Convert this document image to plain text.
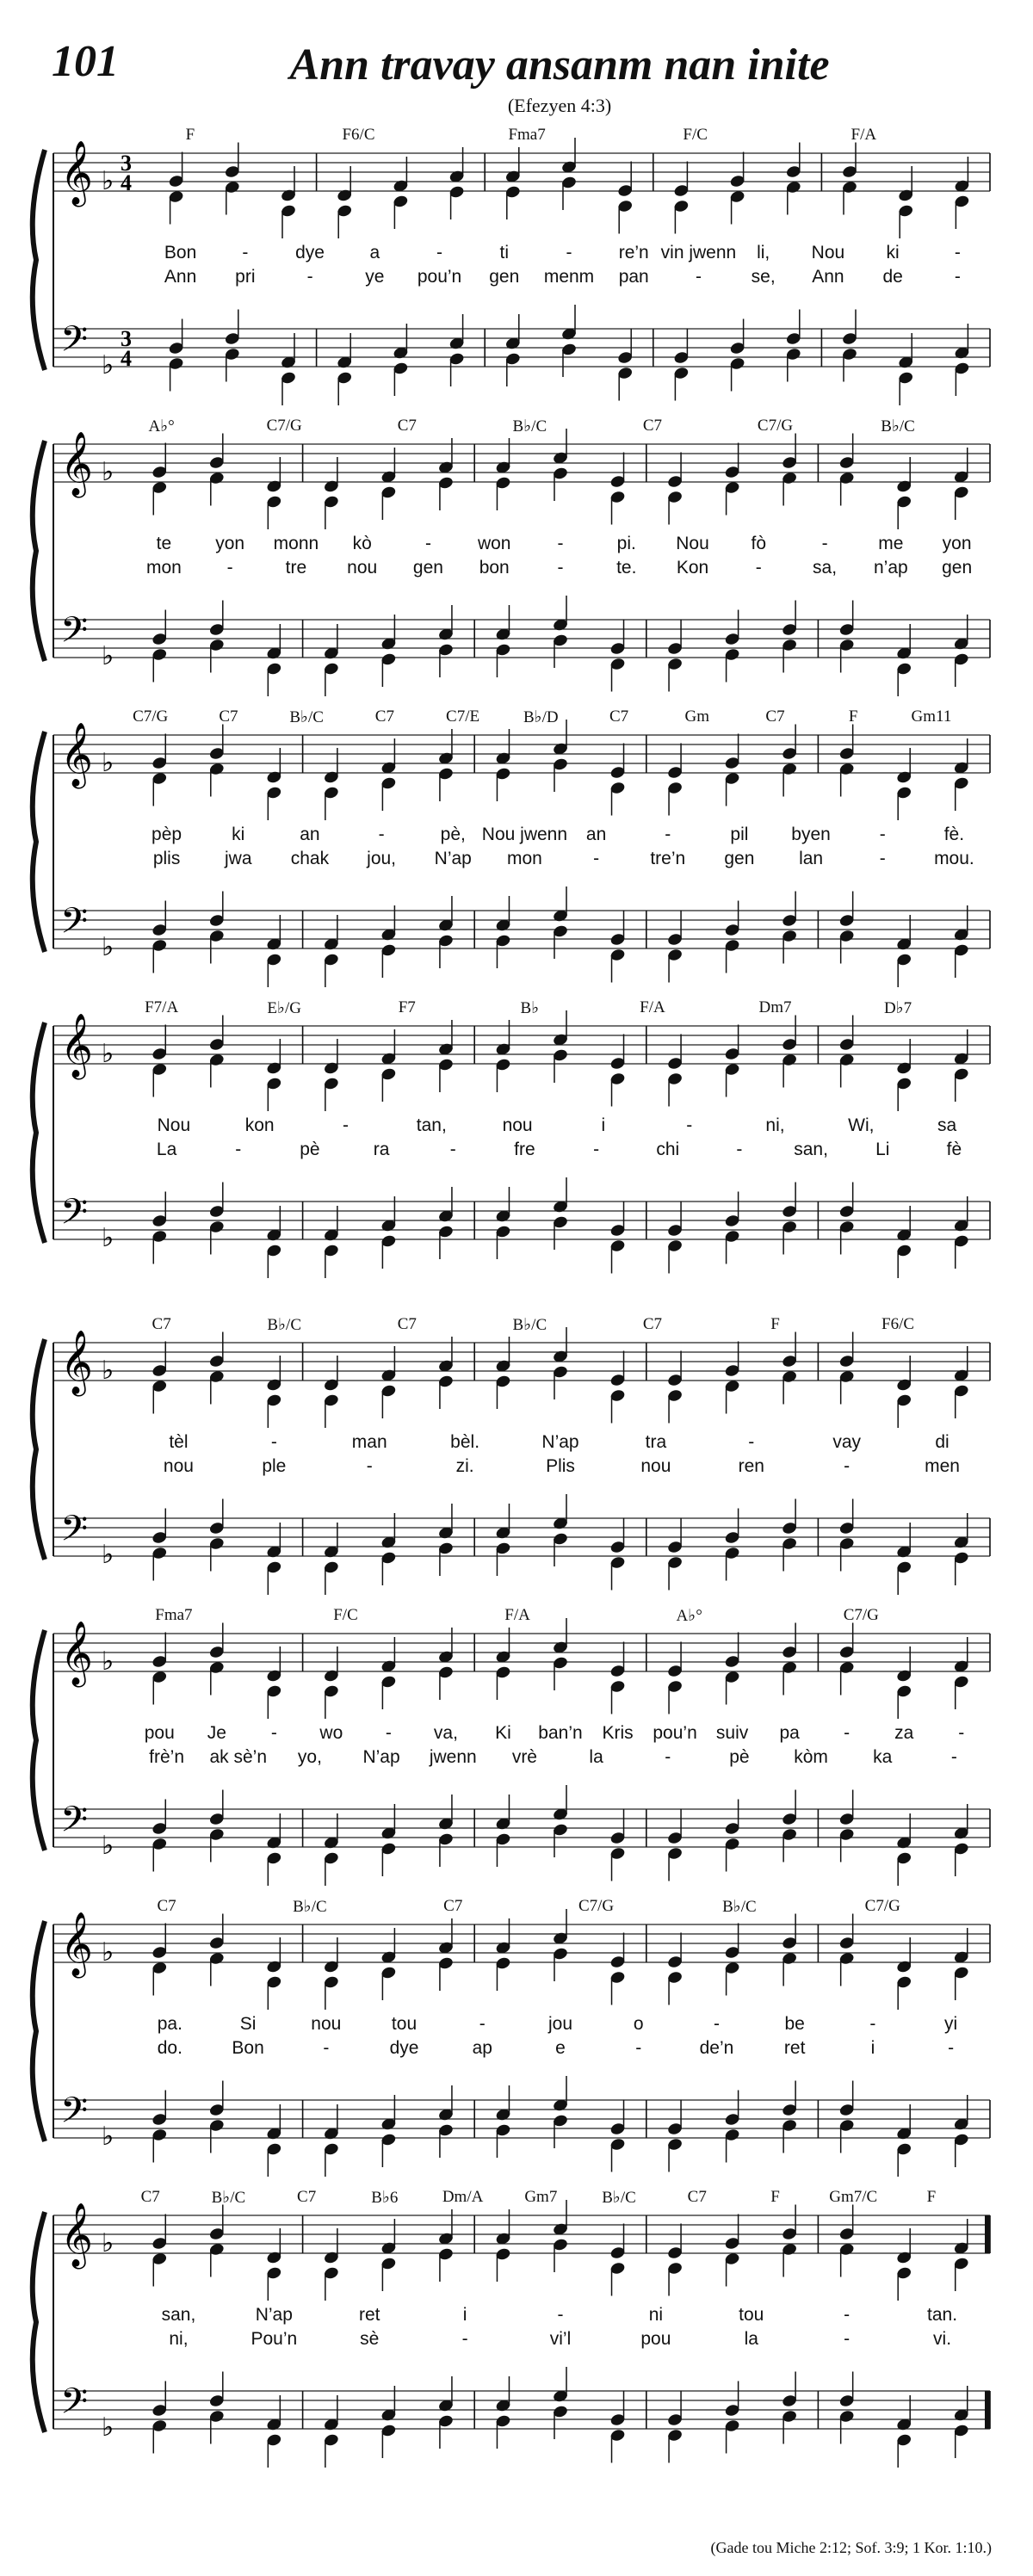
101	Ann travay ansanm nan inite
(Efezyen 4:3)
𝄞
𝄢
♭
♭
3
4
3
4
F	F6/C	Fma7	F/C	F/A
Bon	-	dye a	-	ti	-	re’n vin jwenn li, Nou ki	-
Ann pri	-	ye pou’n gen menm pan	-	se, Ann de	-
𝄞
𝄢
♭
♭
A♭°	C7/G	C7	B♭/C	C7	C7/G	B♭/C
te yon monn kò	-	won	-	pi. Nou fò	-	me yon
mon	-	tre nou gen bon	-	te. Kon	-	sa, n’ap gen
𝄞
𝄢
♭
♭
C7/G	C7	B♭/C	C7	C7/E	B♭/D	C7	Gm	C7	F	Gm11
pèp	ki	an	-	pè, Nou jwenn an	-	pil byen	-	fè.
plis jwa chak jou, N’ap mon	-	tre’n gen lan	-	mou.
𝄞
𝄢
♭
♭
F7/A	E♭/G	F7	B♭	F/A	Dm7	D♭7
Nou	kon	-	tan,	nou	i	-	ni,	Wi,	sa
La	-	pè	ra	-	fre	-	chi	-	san,	Li	fè
𝄞
𝄢
♭
♭
C7	B♭/C	C7	B♭/C	C7	F	F6/C
tèl	-	man	bèl.	N’ap	tra	-	vay	di
nou	ple	-	zi.	Plis	nou	ren	-	men
𝄞
𝄢
♭
♭
Fma7	F/C	F/A	A♭°	C7/G
pou Je - wo - va, Ki ban’n Kris pou’n suiv pa - za -
frè’n ak sè’n yo, N’ap jwenn vrè	la	-	pè kòm ka	-
𝄞
𝄢
♭
♭
C7	B♭/C	C7	C7/G	B♭/C	C7/G
pa.	Si	nou	tou	-	jou	o	-	be	-	yi
do.	Bon	-	dye	ap	e	-	de’n	ret	i	-
𝄞
𝄢
♭
♭
C7	B♭/C	C7	B♭6	Dm/A	Gm7	B♭/C	C7	F	Gm7/C	F
san,	N’ap	ret	i	-	ni	tou	-	tan.
ni,	Pou’n	sè	-	vi’l	pou	la	-	vi.
(Gade tou Miche 2:12; Sof. 3:9; 1 Kor. 1:10.)
